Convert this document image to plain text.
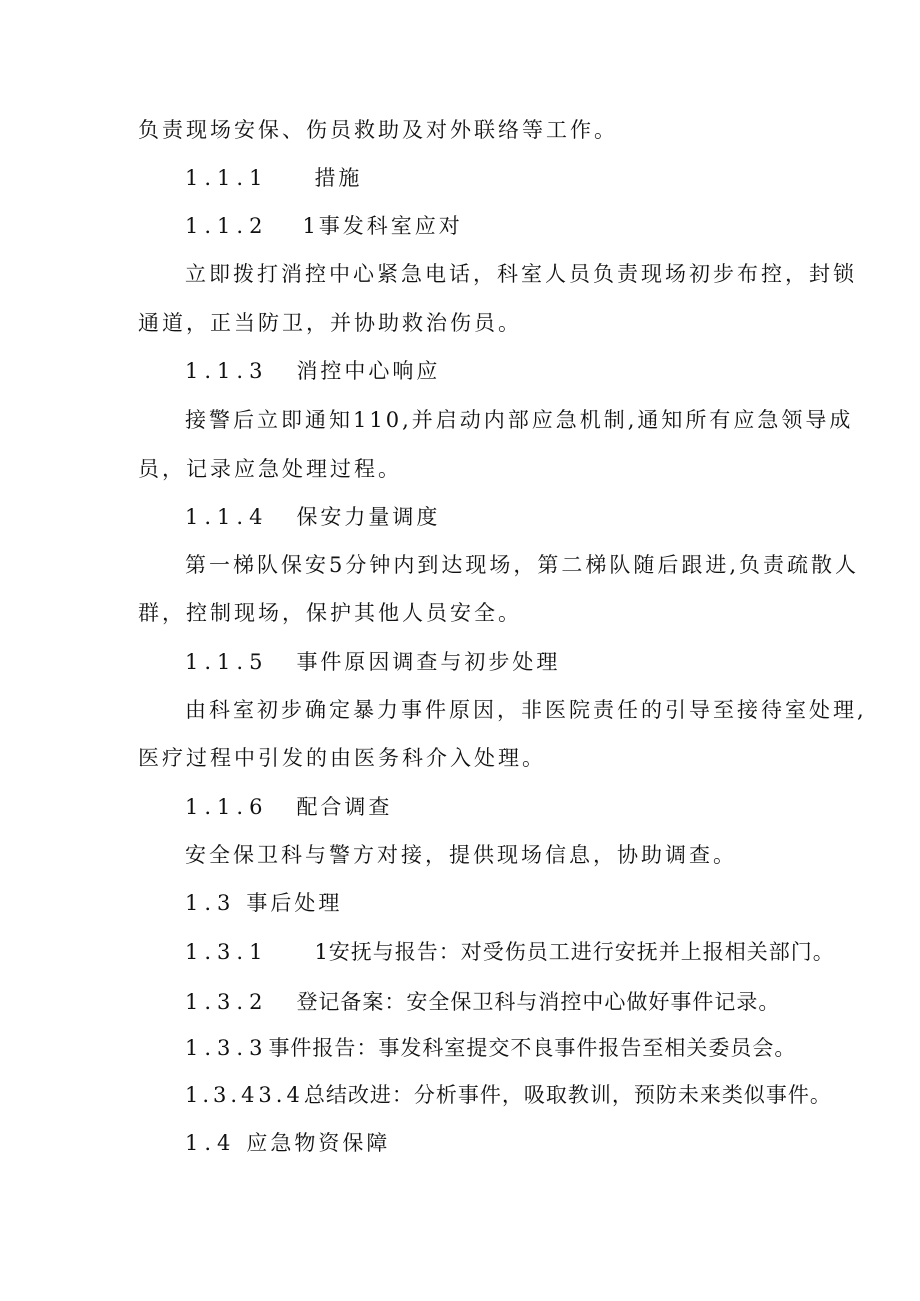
负责现场安保、伤员救助及对外联络等工作。
1.1.1 措施
1.1.2 1事发科室应对
立即拨打消控中心紧急电话，科室人员负责现场初步布控，封锁
通道，正当防卫，并协助救治伤员。
1.1.3 消控中心响应
接警后立即通知110,并启动内部应急机制,通知所有应急领导成
员，记录应急处理过程。
1.1.4 保安力量调度
第一梯队保安5分钟内到达现场，第二梯队随后跟进,负责疏散人
群，控制现场，保护其他人员安全。
1.1.5 事件原因调查与初步处理
由科室初步确定暴力事件原因，非医院责任的引导至接待室处理,
医疗过程中引发的由医务科介入处理。
1.1.6 配合调查
安全保卫科与警方对接，提供现场信息，协助调查。
1.3 事后处理
1.3.1 1安抚与报告：对受伤员工进行安抚并上报相关部门。
1.3.2 登记备案：安全保卫科与消控中心做好事件记录。
1.3.3事件报告：事发科室提交不良事件报告至相关委员会。
1.3.43.4总结改进：分析事件，吸取教训，预防未来类似事件。
1.4 应急物资保障
